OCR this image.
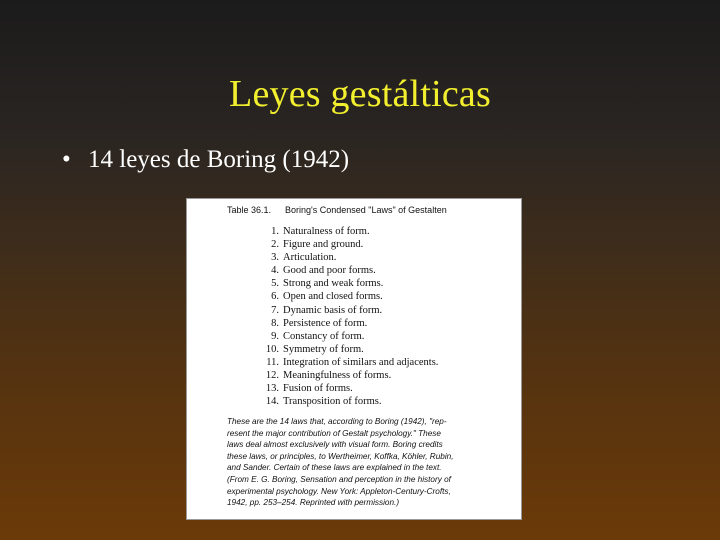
Leyes gestálticas
• 14 leyes de Boring (1942)
Table 36.1. Boring's Condensed "Laws" of Gestalten
1. Naturalness of form.
2. Figure and ground.
3. Articulation.
4. Good and poor forms.
5. Strong and weak forms.
6. Open and closed forms.
7. Dynamic basis of form.
8. Persistence of form.
9. Constancy of form.
10. Symmetry of form.
11. Integration of similars and adjacents.
12. Meaningfulness of forms.
13. Fusion of forms.
14. Transposition of forms.
These are the 14 laws that, according to Boring (1942), "rep-
resent the major contribution of Gestalt psychology." These
laws deal almost exclusively with visual form. Boring credits
these laws, or principles, to Wertheimer, Koffka, Köhler, Rubin,
and Sander. Certain of these laws are explained in the text.
(From E. G. Boring, Sensation and perception in the history of
experimental psychology. New York: Appleton-Century-Crofts,
1942, pp. 253–254. Reprinted with permission.)
